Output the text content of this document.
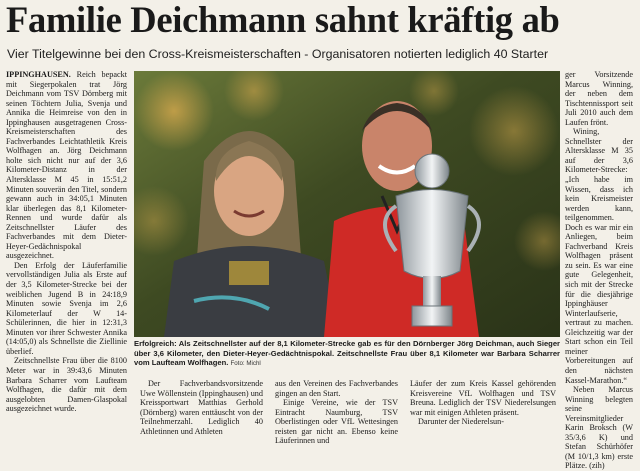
Familie Deichmann sahnt kräftig ab

Vier Titelgewinne bei den Cross-Kreismeisterschaften - Organisatoren notierten lediglich 40 Starter

IPPINGHAUSEN. Reich bepackt mit Siegerpokalen trat Jörg Deichmann vom TSV Dörnberg mit seinen Töchtern Julia, Svenja und Annika die Heimreise von den in Ippinghausen ausgetragenen Cross-Kreismeisterschaften des Fachverbandes Leichtathletik Kreis Wolfhagen an. Jörg Deichmann holte sich nicht nur auf der 3,6 Kilometer-Distanz in der Altersklasse M 45 in 15:51,2 Minuten souverän den Titel, sondern gewann auch in 34:05,1 Minuten klar überlegen das 8,1 Kilometer-Rennen und wurde dafür als Zeitschnellster Läufer des Fachverbandes mit dem Dieter-Heyer-Gedächnispokal ausgezeichnet.

Den Erfolg der Läuferfamilie vervollständigen Julia als Erste auf der 3,5 Kilometer-Strecke bei der weiblichen Jugend B in 24:18,9 Minuten sowie Svenja im 2,6 Kilometerlauf der W 14-Schülerinnen, die hier in 12:31,3 Minuten vor ihrer Schwester Annika (14:05,0) als Schnellste die Ziellinie überlief.

Zeitschnellste Frau über die 8100 Meter war in 39:43,6 Minuten Barbara Scharrer vom Laufteam Wolfhagen, die dafür mit dem ausgelobten Damen-Glaspokal ausgezeichnet wurde.

Erfolgreich: Als Zeitschnellster auf der 8,1 Kilometer-Strecke gab es für den Dörnberger Jörg Deichman, auch Sieger über 3,6 Kilometer, den Dieter-Heyer-Gedächtnispokal. Zeitschnellste Frau über 8,1 Kilometer war Barbara Scharrer vom Laufteam Wolfhagen. Foto: Michl

ger Vorsitzende Marcus Winning, der neben dem Tischtennissport seit Juli 2010 auch dem Laufen frönt.

Wining, Schnellster der Altersklasse M 35 auf der 3,6 Kilometer-Strecke: „Ich habe im Wissen, dass ich kein Kreismeister werden kann, teilgenommen. Doch es war mir ein Anliegen, beim Fachverband Kreis Wolfhagen präsent zu sein. Es war eine gute Gelegenheit, sich mit der Strecke für die diesjährige Ippinghäuser Winterlaufserie, vertraut zu machen. Gleichzeitig war der Start schon ein Teil meiner Vorbereitungen auf den nächsten Kassel-Marathon.“

Neben Marcus Winning belegten seine Vereinsmitglieder Karin Broksch (W 35/3,6 K) und Stefan Schürhöfer (M 10/1,3 km) erste Plätze. (zih)

Der Fachverbandsvorsitzende Uwe Wöllenstein (Ippinghausen) und Kreissportwart Matthias Gerhold (Dörnberg) waren enttäuscht von der Teilnehmerzahl. Lediglich 40 Athletinnen und Athleten

aus den Vereinen des Fachverbandes gingen an den Start.

Einige Vereine, wie der TSV Eintracht Naumburg, TSV Oberlistingen oder VfL Wettesingen reisten gar nicht an. Ebenso keine Läuferinnen und

Läufer der zum Kreis Kassel gehörenden Kreisvereine VfL Wolfhagen und TSV Breuna. Lediglich der TSV Niederelsungen war mit einigen Athleten präsent.

Darunter der Niederelsun-
